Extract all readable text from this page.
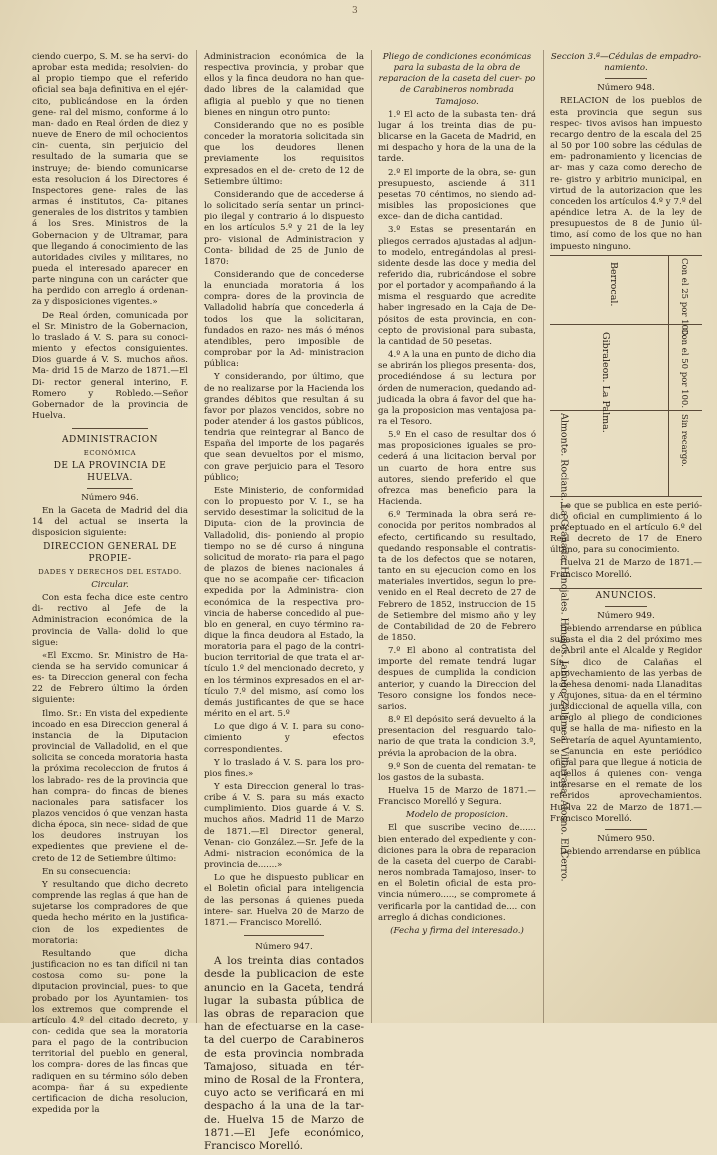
3

ciendo cuerpo, S. M. se ha servi- do aprobar esta medida; resolvien- do al propio tiempo que el referido oficial sea baja definitiva en el ejér- cito, publicándose en la órden gene- ral del mismo, conforme á lo man- dado en Real órden de diez y nueve de Enero de mil ochocientos cin- cuenta, sin perjuicio del resultado de la sumaria que se instruye; de- biendo comunicarse esta resolucion á los Directores é Inspectores gene- rales de las armas é institutos, Ca- pitanes generales de los distritos y tambien á los Sres. Ministros de la Gobernacion y de Ultramar, para que llegando á conocimiento de las autoridades civiles y militares, no pueda el interesado aparecer en parte ninguna con un carácter que ha perdido con arreglo á ordenan- za y disposiciones vigentes.»

De Real órden, comunicada por el Sr. Ministro de la Gobernacion, lo traslado á V. S. para su conoci- miento y efectos consiguientes. Dios guarde á V. S. muchos años. Ma- drid 15 de Marzo de 1871.—El Di- rector general interino, F. Romero y Robledo.—Señor Gobernador de la provincia de Huelva.

ADMINISTRACION

ECONÓMICA

DE LA PROVINCIA DE HUELVA.

Número 946.

En la Gaceta de Madrid del dia 14 del actual se inserta la disposicion siguiente:

DIRECCION GENERAL DE PROPIE-

DADES Y DERECHOS DEL ESTADO.

Circular.

Con esta fecha dice este centro di- rectivo al Jefe de la Administracion económica de la provincia de Valla- dolid lo que sigue:

«El Excmo. Sr. Ministro de Ha- cienda se ha servido comunicar á es- ta Direccion general con fecha 22 de Febrero último la órden siguiente:

Ilmo. Sr.: En vista del expediente incoado en esa Direccion general á instancia de la Diputacion provincial de Valladolid, en el que solicita se conceda moratoria hasta la próxima recoleccion de frutos á los labrado- res de la provincia que han compra- do fincas de bienes nacionales para satisfacer los plazos vencidos ó que venzan hasta dicha época, sin nece- sidad de que los deudores instruyan los expedientes que previene el de- creto de 12 de Setiembre último:

En su consecuencia:

Y resultando que dicho decreto comprende las reglas á que han de sujetarse los compradores de que queda hecho mérito en la justifica- cion de los expedientes de moratoria:

Resultando que dicha justificacion no es tan difícil ni tan costosa como su- pone la diputacion provincial, pues- to que probado por los Ayuntamien- tos los extremos que comprende el artículo 4.º del citado decreto, y con- cedida que sea la moratoria para el pago de la contribucion territorial del pueblo en general, los compra- dores de las fincas que radiquen en su término sólo deben acompa- ñar á su expediente certificacion de dicha resolucion, expedida por la

Administracion económica de la respectiva provincia, y probar que ellos y la finca deudora no han que- dado libres de la calamidad que afligia al pueblo y que no tienen bienes en ningun otro punto:

Considerando que no es posible conceder la moratoria solicitada sin que los deudores llenen previamente los requisitos expresados en el de- creto de 12 de Setiembre último:

Considerando que de accederse á lo solicitado sería sentar un princi- pio ilegal y contrario á lo dispuesto en los artículos 5.º y 21 de la ley pro- visional de Administracion y Conta- bilidad de 25 de Junio de 1870:

Considerando que de concederse la enunciada moratoria á los compra- dores de la provincia de Valladolid habría que concederla á todos los que la solicitaran, fundados en razo- nes más ó ménos atendibles, pero imposible de comprobar por la Ad- ministracion pública:

Y considerando, por último, que de no realizarse por la Hacienda los grandes débitos que resultan á su favor por plazos vencidos, sobre no poder atender á los gastos públicos, tendria que reintegrar al Banco de España del importe de los pagarés que sean devueltos por el mismo, con grave perjuicio para el Tesoro público;

Este Ministerio, de conformidad con lo propuesto por V. I., se ha servido desestimar la solicitud de la Diputa- cion de la provincia de Valladolid, dis- poniendo al propio tiempo no se dé curso á ninguna solicitud de morato- ria para el pago de plazos de bienes nacionales á que no se acompañe cer- tificacion expedida por la Administra- cion económica de la respectiva pro- vincia de haberse concedido al pue- blo en general, en cuyo término ra- dique la finca deudora al Estado, la moratoria para el pago de la contri- bucion territorial de que trata el ar- tículo 1.º del mencionado decreto, y en los términos expresados en el ar- tículo 7.º del mismo, así como los demás justificantes de que se hace mérito en el art. 5.º

Lo que digo á V. I. para su cono- cimiento y efectos correspondientes.

Y lo traslado á V. S. para los pro- pios fines.»

Y esta Direccion general lo tras- cribe á V. S. para su más exacto cumplimiento. Dios guarde á V. S. muchos años. Madrid 11 de Marzo de 1871.—El Director general, Venan- cio González.—Sr. Jefe de la Admi- nistracion económica de la provincia de.......»

Lo que he dispuesto publicar en el Boletin oficial para inteligencia de las personas á quienes pueda intere- sar. Huelva 20 de Marzo de 1871.— Francisco Morelló.

Número 947.

A los treinta dias contados desde la publicacion de este anuncio en la Gaceta, tendrá lugar la subasta pública de las obras de reparacion que han de efectuarse en la case- ta del cuerpo de Carabineros de esta provincia nombrada Tamajoso, situada en tér- mino de Rosal de la Frontera, cuyo acto se verificará en mi despacho á la una de la tar- de. Huelva 15 de Marzo de 1871.—El Jefe económico, Francisco Morelló.

Pliego de condiciones económicas para la subasta de la obra de reparacion de la caseta del cuer- po de Carabineros nombrada Tamajoso.

1.º El acto de la subasta ten- drá lugar á los treinta dias de pu- blicarse en la Gaceta de Madrid, en mi despacho y hora de la una de la tarde.

2.º El importe de la obra, se- gun presupuesto, asciende á 311 pesetas 70 céntimos, no siendo ad- misibles las proposiciones que exce- dan de dicha cantidad.

3.º Estas se presentarán en pliegos cerrados ajustadas al adjun- to modelo, entregándolas al presi- sidente desde las doce y media del referido dia, rubricándose el sobre por el portador y acompañando á la misma el resguardo que acredite haber ingresado en la Caja de De- pósitos de esta provincia, en con- cepto de provisional para subasta, la cantidad de 50 pesetas.

4.º A la una en punto de dicho dia se abrirán los pliegos presenta- dos, procediéndose á su lectura por órden de numeracion, quedando ad- judicada la obra á favor del que ha- ga la proposicion mas ventajosa pa- ra el Tesoro.

5.º En el caso de resultar dos ó mas proposiciones iguales se pro- cederá á una licitacion berval por un cuarto de hora entre sus autores, siendo preferido el que ofrezca mas beneficio para la Hacienda.

6.º Terminada la obra será re- conocida por peritos nombrados al efecto, certificando su resultado, quedando responsable el contratis- ta de los defectos que se notaren, tanto en su ejecucion como en los materiales invertidos, segun lo pre- venido en el Real decreto de 27 de Febrero de 1852, instruccion de 15 de Setiembre del mismo año y ley de Contabilidad de 20 de Febrero de 1850.

7.º El abono al contratista del importe del remate tendrá lugar despues de cumplida la condicion anterior, y cuando la Direccion del Tesoro consigne los fondos nece- sarios.

8.º El depósito será devuelto á la presentacion del resguardo talo- nario de que trata la condicion 3.ª, prévia la aprobacion de la obra.

9.º Son de cuenta del rematan- te los gastos de la subasta.

Huelva 15 de Marzo de 1871.— Francisco Morelló y Segura.

Modelo de proposicion.

El que suscribe vecino de...... bien enterado del expediente y con- diciones para la obra de reparacion de la caseta del cuerpo de Carabi- neros nombrada Tamajoso, inser- to en el Boletin oficial de esta pro- vincia número....., se compromete á verificarla por la cantidad de.... con arreglo á dichas condiciones.

(Fecha y firma del interesado.)

Seccion 3.ª—Cédulas de empadro- namiento.

Número 948.

RELACION de los pueblos de esta provincia que segun sus respec- tivos avisos han impuesto recargo dentro de la escala del 25 al 50 por 100 sobre las cédulas de em- padronamiento y licencias de ar- mas y caza como derecho de re- gistro y arbitrio municipal, en virtud de la autorizacion que les conceden los artículos 4.º y 7.º del apéndice letra A. de la ley de presupuestos de 8 de Junio úl- timo, así como de los que no han impuesto ninguno.

Berrocal.	Con el 25 por 100.
Gibraleon. La Palma.	Con el 50 por 100.
Almonte. Rociana. La Granada. Hinojales. Hinojos. Jabugo. Zalamea. Villarrasa. Alosno. El Cerro.	Sin recargo.

Lo que se publica en este perió- dico oficial en cumplimiento á lo preceptuado en el artículo 6.º del Real decreto de 17 de Enero último, para su conocimiento.

Huelva 21 de Marzo de 1871.— Francisco Morelló.

ANUNCIOS.

Número 949.

Debiendo arrendarse en pública subasta el dia 2 del próximo mes de Abril ante el Alcalde y Regidor Sín- dico de Calañas el aprovechamiento de las yerbas de la dehesa denomi- nada Llanaditas y Agujones, situa- da en el término jurisdiccional de aquella villa, con arreglo al pliego de condiciones que se halla de ma- nifiesto en la Secretaría de aquel Ayuntamiento, se anuncia en este periódico oficial para que llegue á noticia de aquellos á quienes con- venga interesarse en el remate de los referidos aprovechamientos. Huelva 22 de Marzo de 1871.— Francisco Morelló.

Número 950.

Debiendo arrendarse en pública
